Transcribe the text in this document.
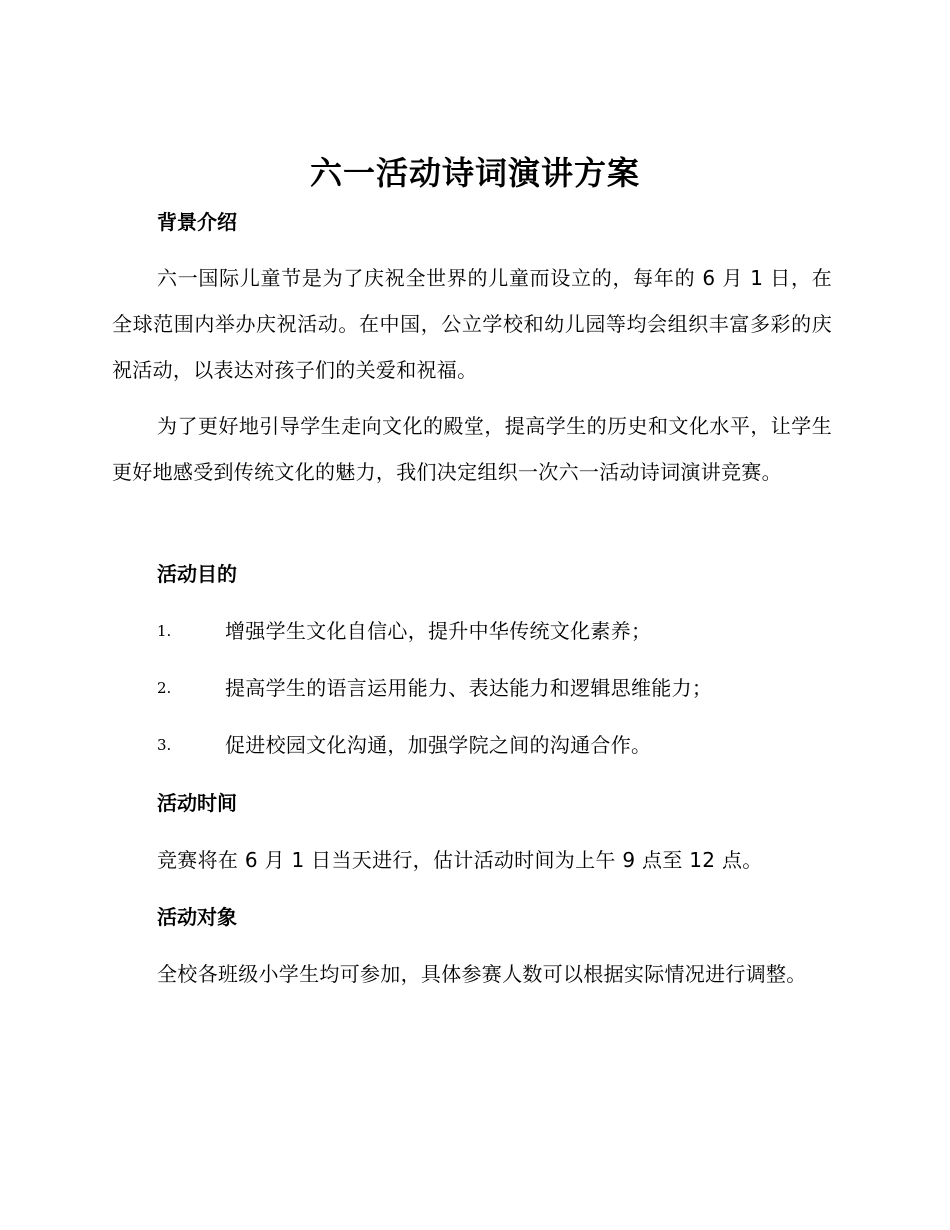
六一活动诗词演讲方案
背景介绍
六一国际儿童节是为了庆祝全世界的儿童而设立的，每年的 6 月 1 日，在全球范围内举办庆祝活动。在中国，公立学校和幼儿园等均会组织丰富多彩的庆祝活动，以表达对孩子们的关爱和祝福。
为了更好地引导学生走向文化的殿堂，提高学生的历史和文化水平，让学生更好地感受到传统文化的魅力，我们决定组织一次六一活动诗词演讲竞赛。
活动目的
1.	增强学生文化自信心，提升中华传统文化素养；
2.	提高学生的语言运用能力、表达能力和逻辑思维能力；
3.	促进校园文化沟通，加强学院之间的沟通合作。
活动时间
竞赛将在 6 月 1 日当天进行，估计活动时间为上午 9 点至 12 点。
活动对象
全校各班级小学生均可参加，具体参赛人数可以根据实际情况进行调整。
